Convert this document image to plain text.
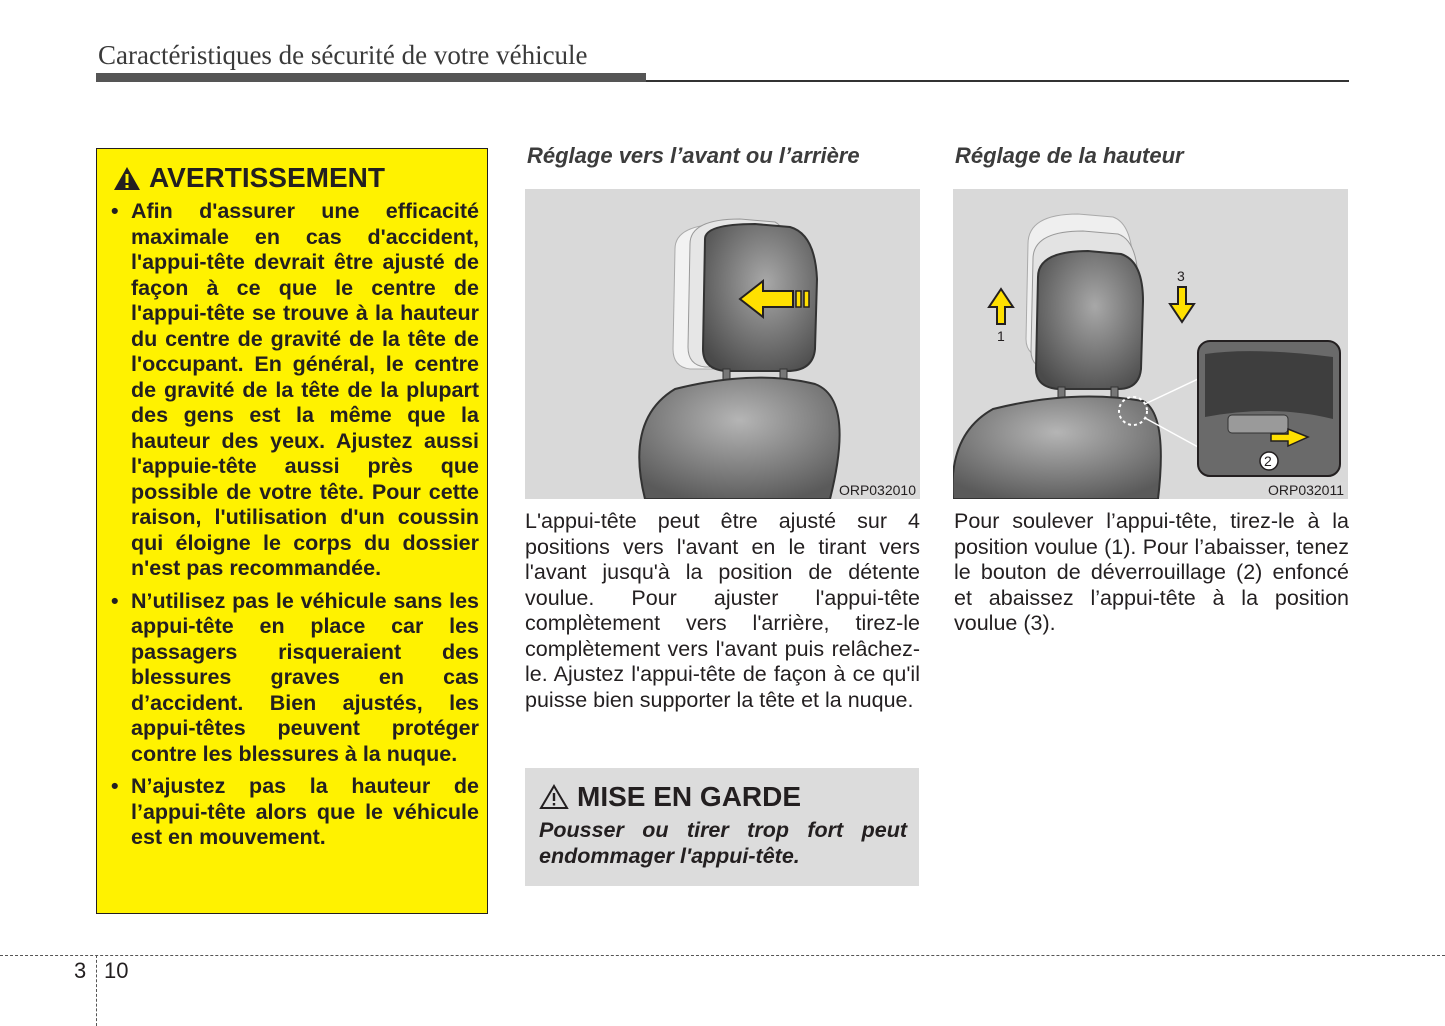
Caractéristiques de sécurité de votre véhicule
AVERTISSEMENT
• Afin d'assurer une efficacité maximale en cas d'accident, l'appui-tête devrait être ajusté de façon à ce que le centre de l'appui-tête se trouve à la hauteur du centre de gravité de la tête de l'occupant. En général, le centre de gravité de la tête de la plupart des gens est la même que la hauteur des yeux. Ajustez aussi l'appuie-tête aussi près que possible de votre tête. Pour cette raison, l'utilisation d'un coussin qui éloigne le corps du dossier n'est pas recommandée.
• N’utilisez pas le véhicule sans les appui-tête en place car les passagers risqueraient des blessures graves en cas d’accident. Bien ajustés, les appui-têtes peuvent protéger contre les blessures à la nuque.
• N’ajustez pas la hauteur de l’appui-tête alors que le véhicule est en mouvement.
Réglage vers l’avant ou l’arrière
ORP032010
L'appui-tête peut être ajusté sur 4 positions vers l'avant en le tirant vers l'avant jusqu'à la position de détente voulue. Pour ajuster l'appui-tête complètement vers l'arrière, tirez-le complètement vers l'avant puis relâchez-le. Ajustez l'appui-tête de façon à ce qu'il puisse bien supporter la tête et la nuque.
MISE EN GARDE
Pousser ou tirer trop fort peut endommager l'appui-tête.
Réglage de la hauteur
1
3
2
ORP032011
Pour soulever l’appui-tête, tirez-le à la position voulue (1). Pour l’abaisser, tenez le bouton de déverrouillage (2) enfoncé et abaissez l’appui-tête à la position voulue (3).
3 10
